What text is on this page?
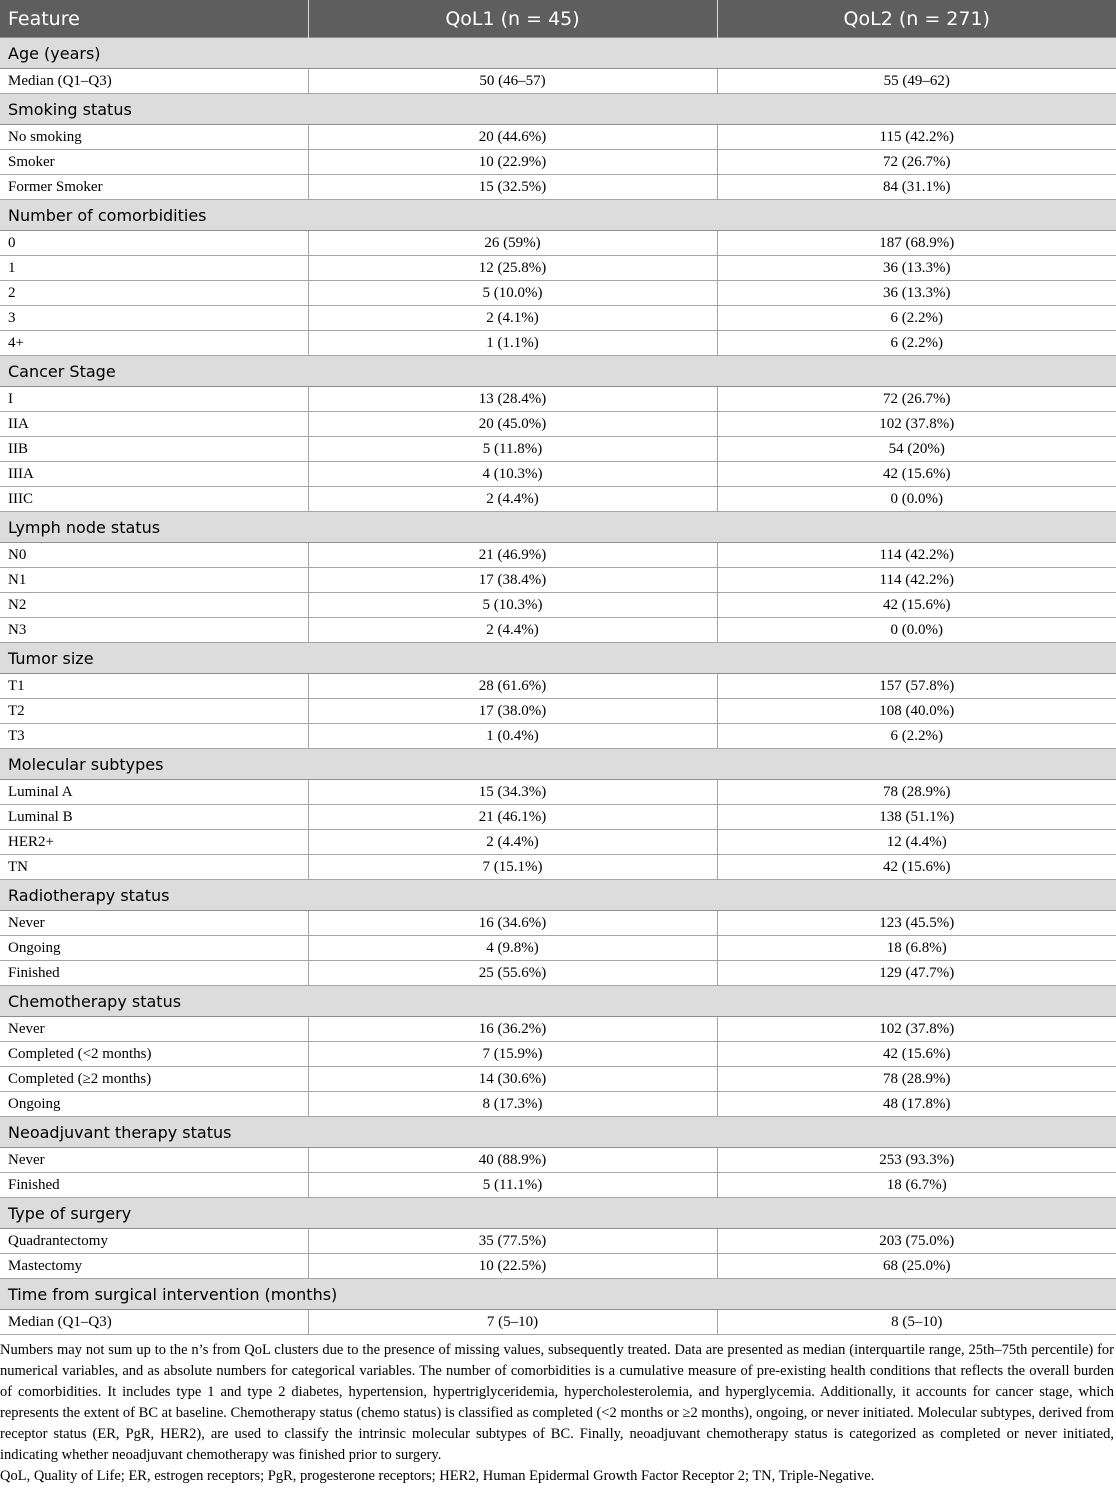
Feature	QoL1 (n = 45)	QoL2 (n = 271)
Age (years)		
Median (Q1–Q3)	50 (46–57)	55 (49–62)
Smoking status		
No smoking	20 (44.6%)	115 (42.2%)
Smoker	10 (22.9%)	72 (26.7%)
Former Smoker	15 (32.5%)	84 (31.1%)
Number of comorbidities		
0	26 (59%)	187 (68.9%)
1	12 (25.8%)	36 (13.3%)
2	5 (10.0%)	36 (13.3%)
3	2 (4.1%)	6 (2.2%)
4+	1 (1.1%)	6 (2.2%)
Cancer Stage		
I	13 (28.4%)	72 (26.7%)
IIA	20 (45.0%)	102 (37.8%)
IIB	5 (11.8%)	54 (20%)
IIIA	4 (10.3%)	42 (15.6%)
IIIC	2 (4.4%)	0 (0.0%)
Lymph node status		
N0	21 (46.9%)	114 (42.2%)
N1	17 (38.4%)	114 (42.2%)
N2	5 (10.3%)	42 (15.6%)
N3	2 (4.4%)	0 (0.0%)
Tumor size		
T1	28 (61.6%)	157 (57.8%)
T2	17 (38.0%)	108 (40.0%)
T3	1 (0.4%)	6 (2.2%)
Molecular subtypes		
Luminal A	15 (34.3%)	78 (28.9%)
Luminal B	21 (46.1%)	138 (51.1%)
HER2+	2 (4.4%)	12 (4.4%)
TN	7 (15.1%)	42 (15.6%)
Radiotherapy status		
Never	16 (34.6%)	123 (45.5%)
Ongoing	4 (9.8%)	18 (6.8%)
Finished	25 (55.6%)	129 (47.7%)
Chemotherapy status		
Never	16 (36.2%)	102 (37.8%)
Completed (<2 months)	7 (15.9%)	42 (15.6%)
Completed (≥2 months)	14 (30.6%)	78 (28.9%)
Ongoing	8 (17.3%)	48 (17.8%)
Neoadjuvant therapy status		
Never	40 (88.9%)	253 (93.3%)
Finished	5 (11.1%)	18 (6.7%)
Type of surgery		
Quadrantectomy	35 (77.5%)	203 (75.0%)
Mastectomy	10 (22.5%)	68 (25.0%)
Time from surgical intervention (months)		
Median (Q1–Q3)	7 (5–10)	8 (5–10)

Numbers may not sum up to the n’s from QoL clusters due to the presence of missing values, subsequently treated. Data are presented as median (interquartile range, 25th–75th percentile) for numerical variables, and as absolute numbers for categorical variables. The number of comorbidities is a cumulative measure of pre-existing health conditions that reflects the overall burden of comorbidities. It includes type 1 and type 2 diabetes, hypertension, hypertriglyceridemia, hypercholesterolemia, and hyperglycemia. Additionally, it accounts for cancer stage, which represents the extent of BC at baseline. Chemotherapy status (chemo status) is classified as completed (<2 months or ≥2 months), ongoing, or never initiated. Molecular subtypes, derived from receptor status (ER, PgR, HER2), are used to classify the intrinsic molecular subtypes of BC. Finally, neoadjuvant chemotherapy status is categorized as completed or never initiated, indicating whether neoadjuvant chemotherapy was finished prior to surgery.

QoL, Quality of Life; ER, estrogen receptors; PgR, progesterone receptors; HER2, Human Epidermal Growth Factor Receptor 2; TN, Triple-Negative.
